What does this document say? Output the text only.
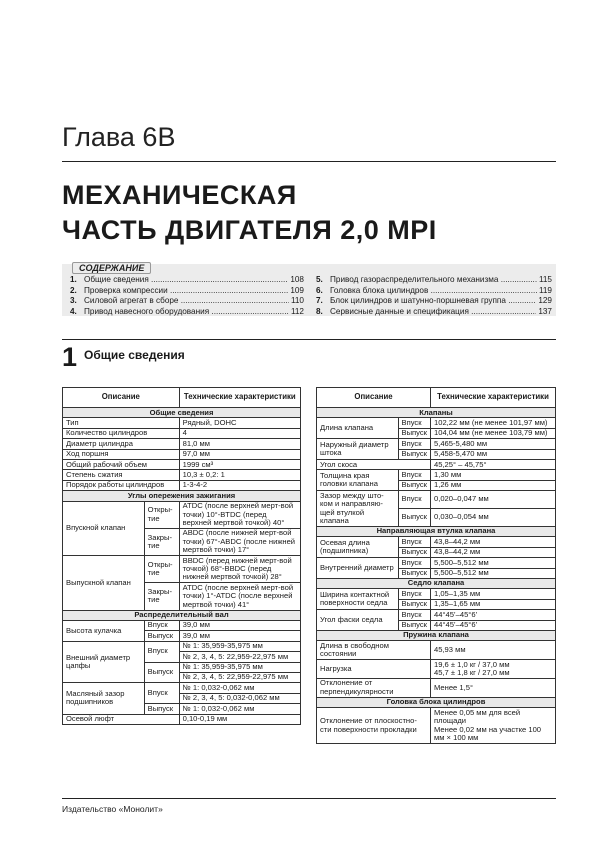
Глава 6В
МЕХАНИЧЕСКАЯ
ЧАСТЬ ДВИГАТЕЛЯ 2,0 MPI
СОДЕРЖАНИЕ
1. Общие сведения .....	108
2. Проверка компрессии .....	109
3. Силовой агрегат в сборе .....	110
4. Привод навесного оборудования .....	112
5. Привод газораспределительного механизма .....	115
6. Головка блока цилиндров .....	119
7. Блок цилиндров и шатунно-поршневая группа .....	129
8. Сервисные данные и спецификация .....	137
1 Общие сведения
Описание		Технические характеристики
Общие сведения		
Тип		Рядный, DOHC
Количество цилиндров		4
Диаметр цилиндра		81,0 мм
Ход поршня		97,0 мм
Общий рабочий объем		1999 см³
Степень сжатия		10,3 ± 0,2: 1
Порядок работы цилиндров		1-3-4-2
Углы опережения зажигания		
Впускной клапан	Откры-тие	ATDC (после верхней мерт-вой точки) 10°-BTDC (перед верхней мертвой точкой) 40°
	Закры-тие	ABDC (после нижней мерт-вой точки) 67°-ABDC (после нижней мертвой точки) 17°
Выпускной клапан	Откры-тие	BBDC (перед нижней мерт-вой точкой) 68°-BBDC (перед нижней мертвой точкой) 28°
	Закры-тие	ATDC (после верхней мерт-вой точки) 1°-ATDC (после верхней мертвой точки) 41°
Распределительный вал		
Высота кулачка	Впуск	39,0 мм
	Выпуск	39,0 мм
Внешний диаметр цапфы	Впуск	№ 1: 35,959-35,975 мм
		№ 2, 3, 4, 5: 22,959-22,975 мм
	Выпуск	№ 1: 35,959-35,975 мм
		№ 2, 3, 4, 5: 22,959-22,975 мм
Масляный зазор подшипников	Впуск	№ 1: 0,032-0,062 мм
		№ 2, 3, 4, 5: 0,032-0,062 мм
	Выпуск	№ 1: 0,032-0,062 мм
Осевой люфт		0,10-0,19 мм
Описание		Технические характеристики
Клапаны		
Длина клапана	Впуск	102,22 мм (не менее 101,97 мм)
	Выпуск	104,04 мм (не менее 103,79 мм)
Наружный диаметр штока	Впуск	5,465-5,480 мм
	Выпуск	5,458-5,470 мм
Угол скоса		45,25° – 45,75°
Толщина края головки клапана	Впуск	1,30 мм
	Выпуск	1,26 мм
Зазор между што-ком и направляю-щей втулкой клапана	Впуск	0,020–0,047 мм
	Выпуск	0,030–0,054 мм
Направляющая втулка клапана		
Осевая длина (подшипника)	Впуск	43,8–44,2 мм
	Выпуск	43,8–44,2 мм
Внутренний диаметр	Впуск	5,500–5,512 мм
	Выпуск	5,500–5,512 мм
Седло клапана		
Ширина контактной поверхности седла	Впуск	1,05–1,35 мм
	Выпуск	1,35–1,65 мм
Угол фаски седла	Впуск	44°45’–45°6’
	Выпуск	44°45’–45°6’
Пружина клапана		
Длина в свободном состоянии		45,93 мм
Нагрузка		19,6 ± 1,0 кг / 37,0 мм
45,7 ± 1,8 кг / 27,0 мм
Отклонение от перпендикулярности		Менее 1,5°
Головка блока цилиндров		
Отклонение от плоскостно-сти поверхности прокладки		Менее 0,05 мм для всей площади
Менее 0,02 мм на участке 100 мм × 100 мм
Издательство «Монолит»
